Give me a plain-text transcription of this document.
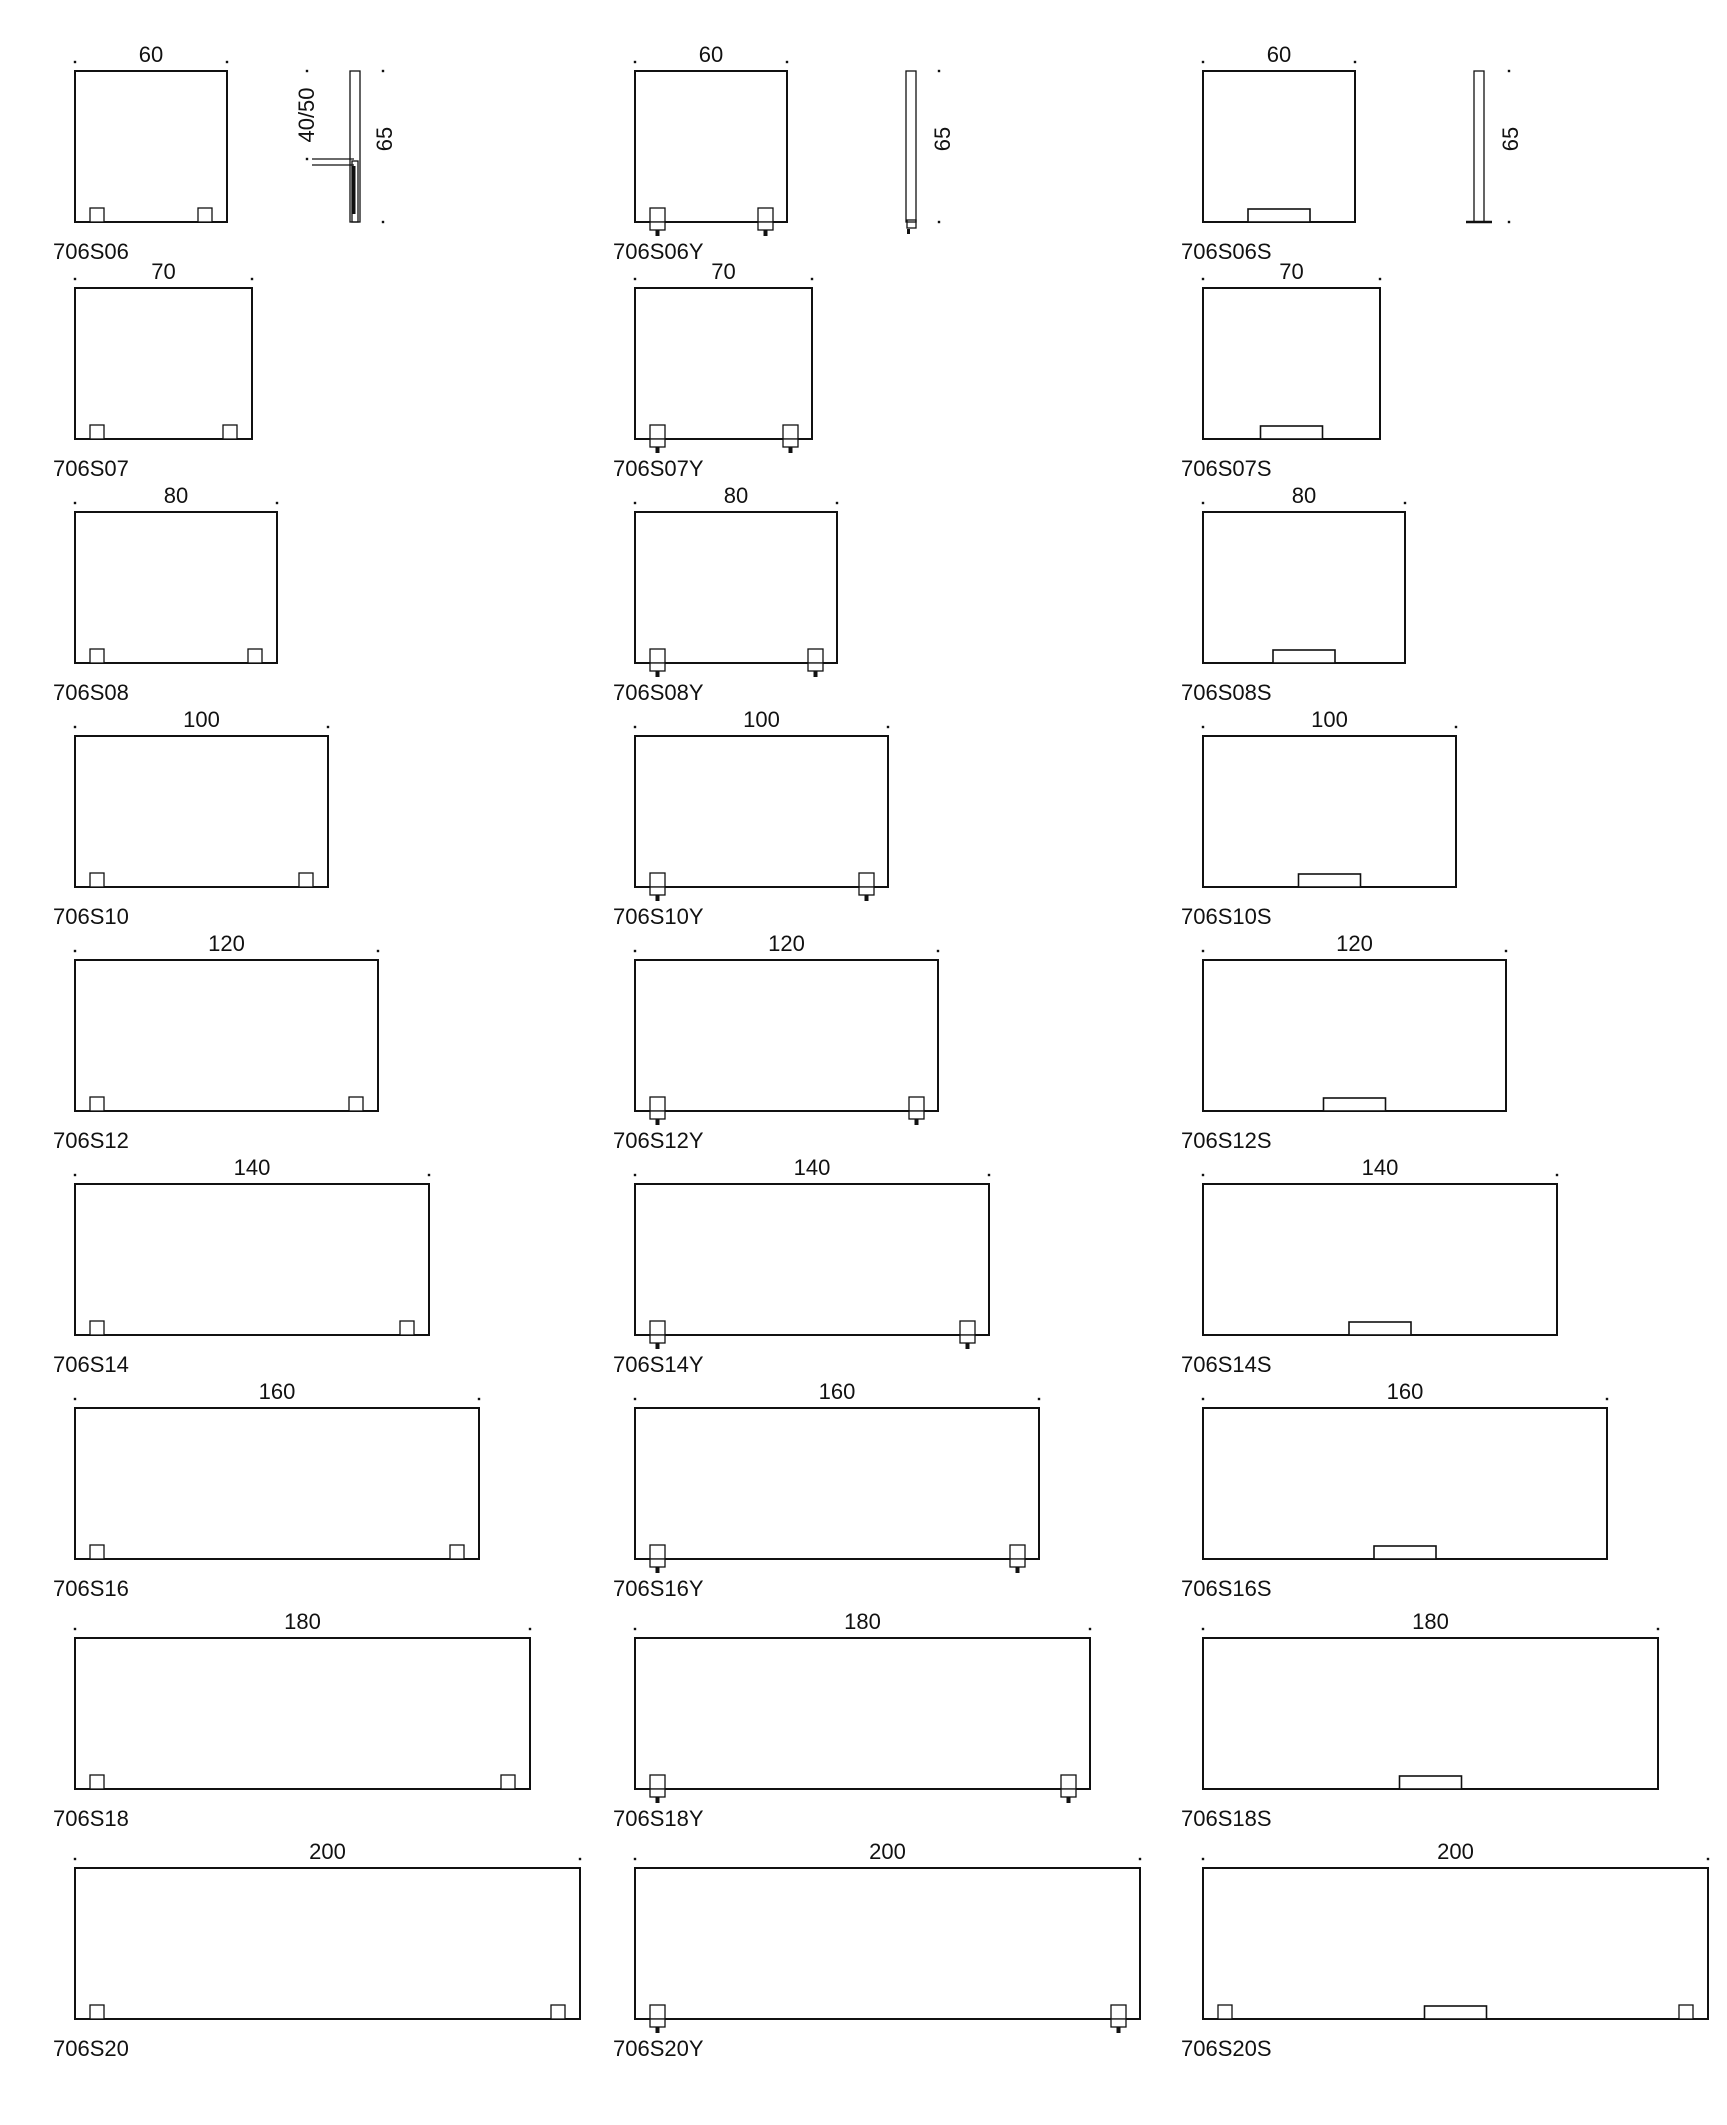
60
706S06
60
706S06Y
60
706S06S
70
706S07
70
706S07Y
70
706S07S
80
706S08
80
706S08Y
80
706S08S
100
706S10
100
706S10Y
100
706S10S
120
706S12
120
706S12Y
120
706S12S
140
706S14
140
706S14Y
140
706S14S
160
706S16
160
706S16Y
160
706S16S
180
706S18
180
706S18Y
180
706S18S
200
706S20
200
706S20Y
200
706S20S
40/50 65	65	65
